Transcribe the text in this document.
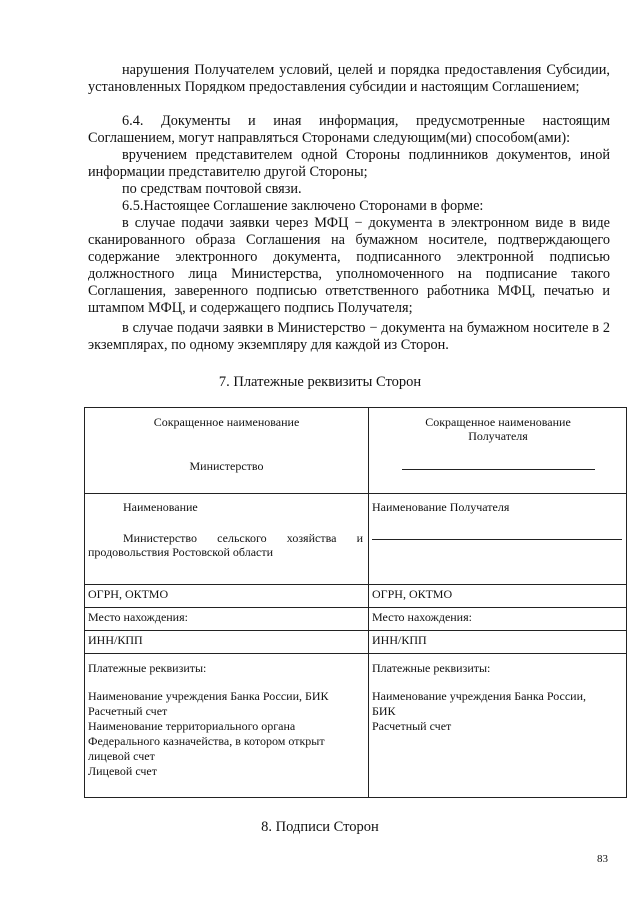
нарушения Получателем условий, целей и порядка предоставления Субсидии, установленных Порядком предоставления субсидии и настоящим Соглашением;

6.4. Документы и иная информация, предусмотренные настоящим Соглашением, могут направляться Сторонами следующим(ми) способом(ами):

вручением представителем одной Стороны подлинников документов, иной информации представителю другой Стороны;

по средствам почтовой связи.

6.5.Настоящее Соглашение заключено Сторонами в форме:

в случае подачи заявки через МФЦ − документа в электронном виде в виде сканированного образа Соглашения на бумажном носителе, подтверждающего содержание электронного документа, подписанного электронной подписью должностного лица Министерства, уполномоченного на подписание такого Соглашения, заверенного подписью ответственного работника МФЦ, печатью и штампом МФЦ, и содержащего подпись Получателя;

в случае подачи заявки в Министерство − документа на бумажном носителе в 2 экземплярах, по одному экземпляру для каждой из Сторон.

7. Платежные реквизиты Сторон

Сокращенное наименование

Министерство

Сокращенное наименование

Получателя

Наименование

Министерство сельского хозяйства и

продовольствия Ростовской области

ОГРН, ОКТМО

Наименование Получателя

ОГРН, ОКТМО

Место нахождения:	Место нахождения:

ИНН/КПП	ИНН/КПП

Платежные реквизиты:

Наименование учреждения Банка России, БИК

Расчетный счет

Наименование территориального органа

Федерального казначейства, в котором открыт

лицевой счет

Лицевой счет

Платежные реквизиты:

Наименование учреждения Банка России,

БИК

Расчетный счет

8. Подписи Сторон

83
